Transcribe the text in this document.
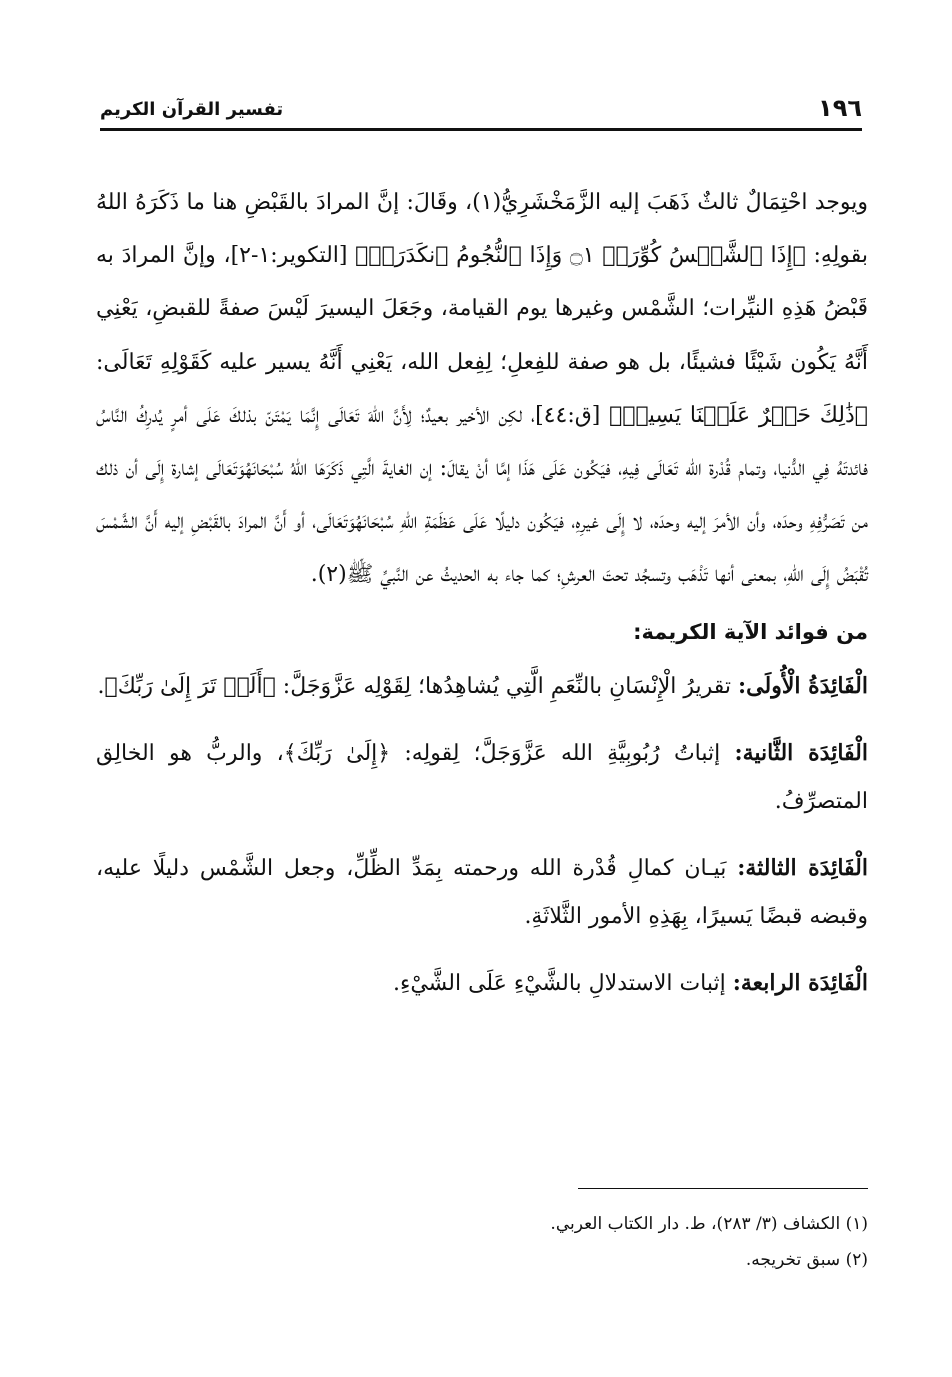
١٩٦
تفسير القرآن الكريم

ويوجد احْتِمَالٌ ثالثٌ ذَهَبَ إليه الزَّمَخْشَرِيُّ(١)، وقَالَ: إنَّ المرادَ بالقَبْضِ هنا ما ذَكَرَهُ اللهُ بقولِهِ: ﴿إِذَا ٱلشَّمۡسُ كُوِّرَتۡ ۝١ وَإِذَا ٱلنُّجُومُ ٱنكَدَرَتۡ﴾ [التكوير:١-٢]، وإنَّ المرادَ به قَبْضُ هَذِهِ النيِّرات؛ الشَّمْس وغيرها يوم القيامة، وجَعَلَ اليسيرَ لَيْسَ صفةً للقبضِ، يَعْنِي أَنَّهُ يَكُون شَيْئًا فشيئًا، بل هو صفة للفِعلِ؛ لِفِعل الله، يَعْنِي أَنَّهُ يسير عليه كَقَوْلِهِ تَعَالَى: ﴿ذَٰلِكَ حَشۡرٌ عَلَيۡنَا يَسِيرٞ﴾ [ق:٤٤]، لكِن الأخير بعيدٌ؛ لِأَنَّ اللهَ تَعَالَى إِنَّمَا يَمْتَنّ بذلكَ عَلَى أمرٍ يُدرِكُ النَّاسُ فائدتَهُ فِي الدُّنيا، وتمام قُدْرة الله تَعَالَى فِيهِ، فيَكُون عَلَى هَذَا إمَّا أنْ يقالَ: إن الغايةَ الَّتِي ذَكَرَهَا اللهُ سُبْحَانَهُوَتَعَالَى إشارة إِلَى أن ذلك من تَصَرُّفِهِ وحدَه، وأن الأمرَ إليه وحدَه، لا إِلَى غيرِهِ، فيَكُون دليلًا عَلَى عَظَمَةِ اللهِ سُبْحَانَهُوَتَعَالَى، أو أَنَّ المرادَ بالقَبْضِ إليه أَنَّ الشَّمْسَ تُقْبَضُ إِلَى اللهِ، بمعنى أنها تَذْهَب وتسجُد تحتَ العرشِ؛ كما جاء به الحديثُ عن النَّبيِّ ﷺ(٢).

من فوائد الآية الكريمة:

الْفَائِدَةُ الْأُولَى: تقريرُ الْإِنْسَانِ بالنِّعَمِ الَّتِي يُشاهِدُها؛ لِقَوْلِه عَزَّوَجَلَّ: ﴿أَلَمۡ تَرَ إِلَىٰ رَبِّكَ﴾.

الْفَائِدَة الثَّانية: إثباتُ رُبُوبِيَّةِ الله عَزَّوَجَلَّ؛ لِقولِه: ﴿إِلَىٰ رَبِّكَ﴾، والربُّ هو الخالِق المتصرِّفُ.

الْفَائِدَة الثالثة: بَيـان كمالِ قُدْرة الله ورحمته بِمَدِّ الظِّلِّ، وجعل الشَّمْس دليلًا عليه، وقبضه قبضًا يَسيرًا، بِهَذِهِ الأمور الثَّلاثَةِ.

الْفَائِدَة الرابعة: إثبات الاستدلالِ بالشَّيْءِ عَلَى الشَّيْءِ.

(١) الكشاف (٣/ ٢٨٣)، ط. دار الكتاب العربي.

(٢) سبق تخريجه.
